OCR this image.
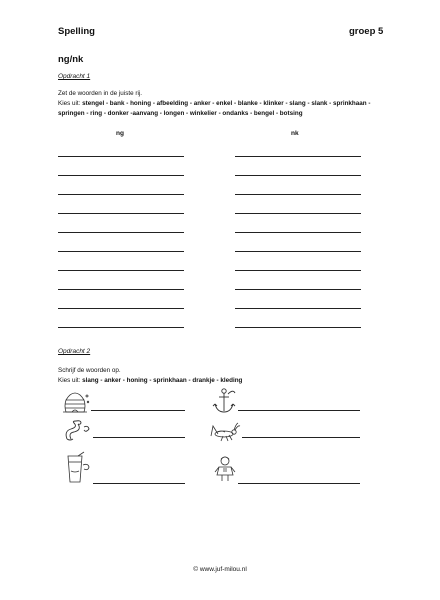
Spelling	groep 5
ng/nk
Opdracht 1
Zet de woorden in de juiste rij.
Kies uit: stengel - bank - honing - afbeelding - anker - enkel - blanke - klinker - slang - slank - sprinkhaan - springen - ring - donker -aanvang - longen - winkelier - ondanks - bengel - botsing
ng	nk
Opdracht 2
Schrijf de woorden op.
Kies uit: slang - anker - honing - sprinkhaan - drankje - kleding
© www.juf-milou.nl
